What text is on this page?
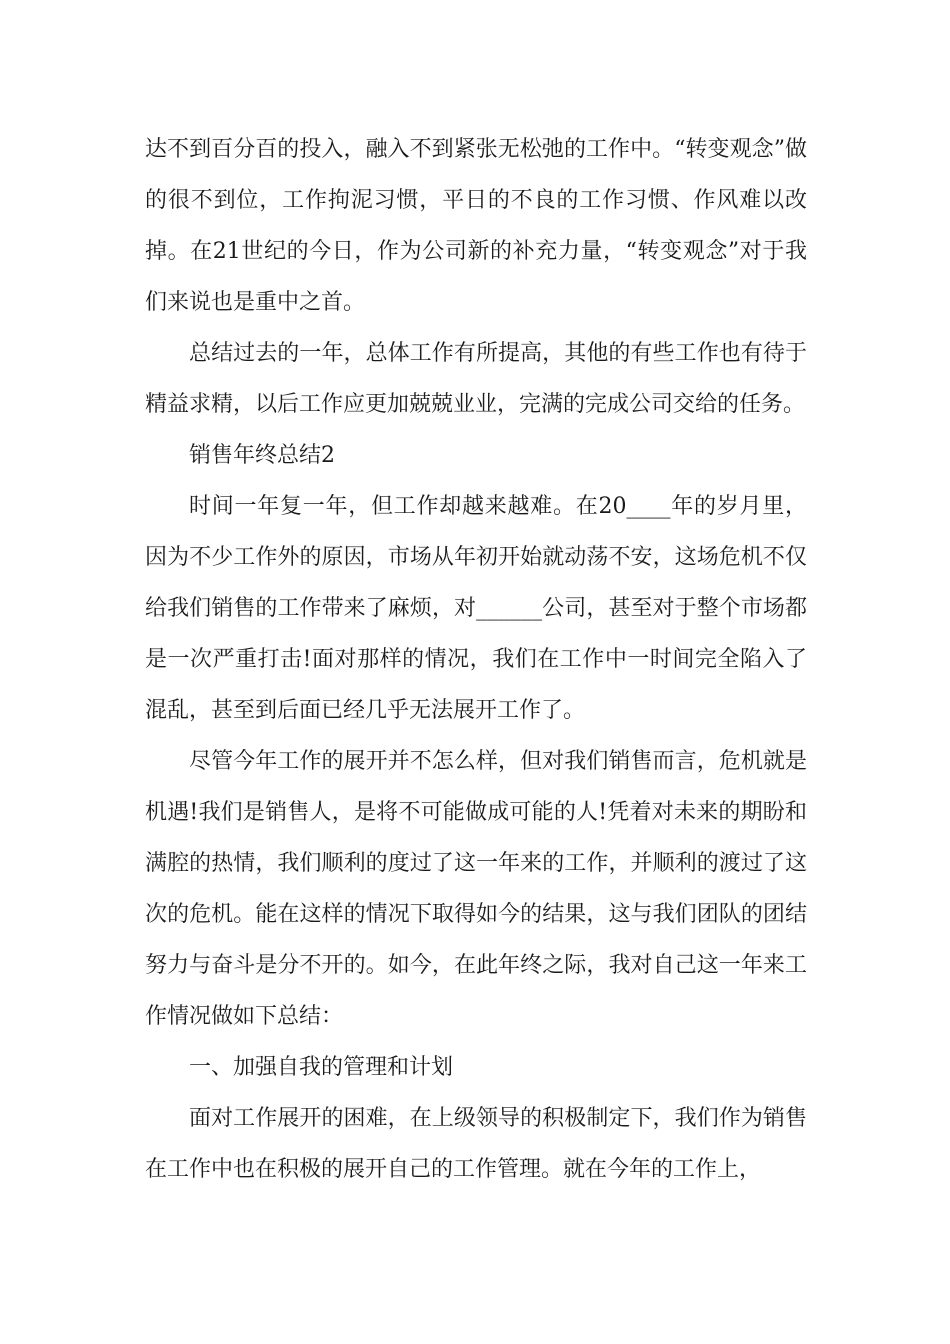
达不到百分百的投入，融入不到紧张无松弛的工作中。“转变观念”做的很不到位，工作拘泥习惯，平日的不良的工作习惯、作风难以改掉。在21世纪的今日，作为公司新的补充力量，“转变观念”对于我们来说也是重中之首。

总结过去的一年，总体工作有所提高，其他的有些工作也有待于精益求精，以后工作应更加兢兢业业，完满的完成公司交给的任务。

销售年终总结2

时间一年复一年，但工作却越来越难。在20____年的岁月里，因为不少工作外的原因，市场从年初开始就动荡不安，这场危机不仅给我们销售的工作带来了麻烦，对______公司，甚至对于整个市场都是一次严重打击!面对那样的情况，我们在工作中一时间完全陷入了混乱，甚至到后面已经几乎无法展开工作了。

尽管今年工作的展开并不怎么样，但对我们销售而言，危机就是机遇!我们是销售人，是将不可能做成可能的人!凭着对未来的期盼和满腔的热情，我们顺利的度过了这一年来的工作，并顺利的渡过了这次的危机。能在这样的情况下取得如今的结果，这与我们团队的团结努力与奋斗是分不开的。如今，在此年终之际，我对自己这一年来工作情况做如下总结：

一、加强自我的管理和计划

面对工作展开的困难，在上级领导的积极制定下，我们作为销售在工作中也在积极的展开自己的工作管理。就在今年的工作上，
